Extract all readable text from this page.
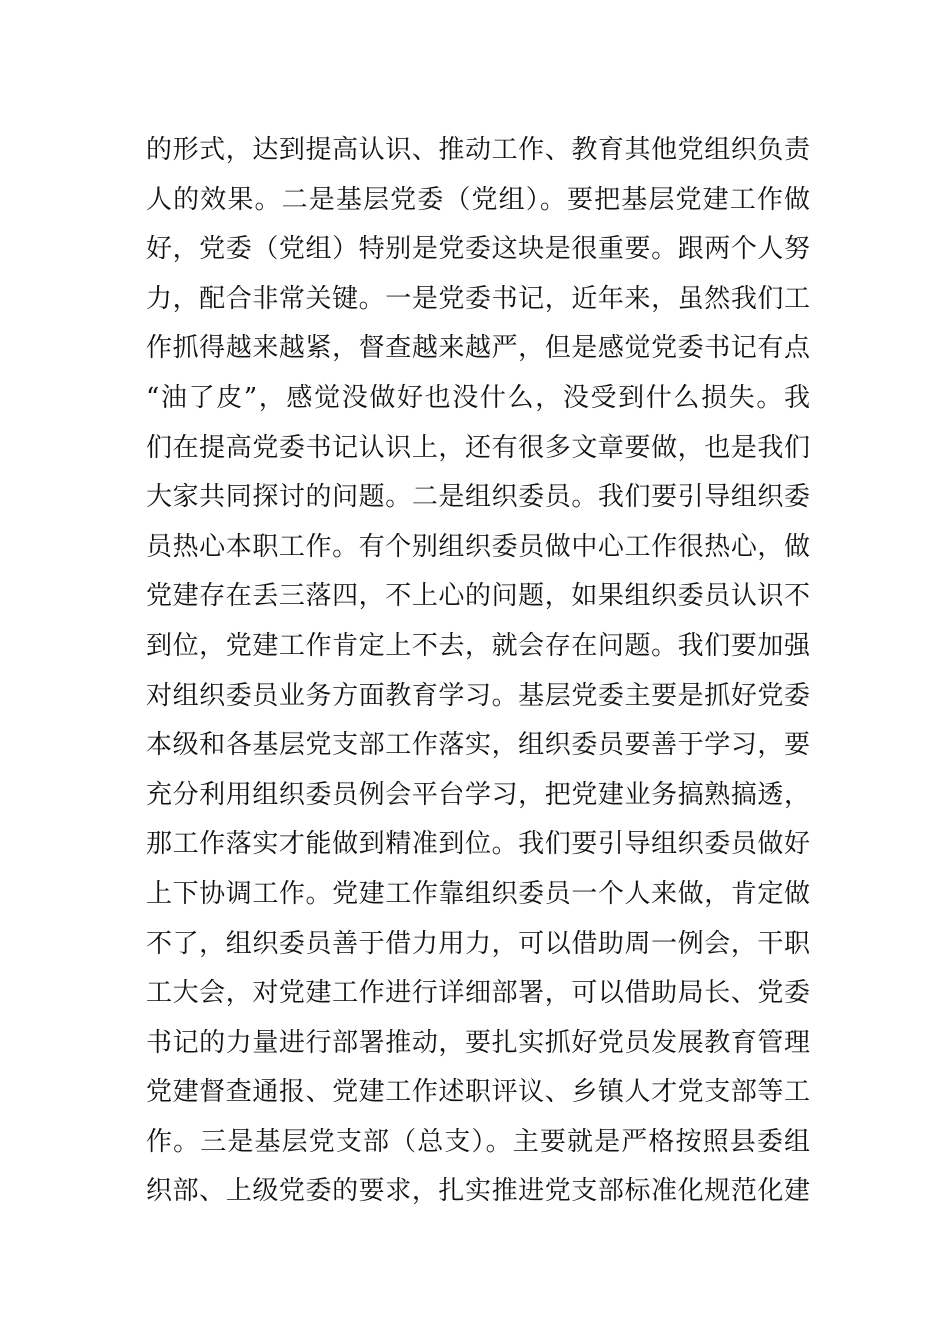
的形式，达到提高认识、推动工作、教育其他党组织负责
人的效果。二是基层党委（党组）。要把基层党建工作做
好，党委（党组）特别是党委这块是很重要。跟两个人努
力，配合非常关键。一是党委书记，近年来，虽然我们工
作抓得越来越紧，督查越来越严，但是感觉党委书记有点
“油了皮”，感觉没做好也没什么，没受到什么损失。我
们在提高党委书记认识上，还有很多文章要做，也是我们
大家共同探讨的问题。二是组织委员。我们要引导组织委
员热心本职工作。有个别组织委员做中心工作很热心，做
党建存在丢三落四，不上心的问题，如果组织委员认识不
到位，党建工作肯定上不去，就会存在问题。我们要加强
对组织委员业务方面教育学习。基层党委主要是抓好党委
本级和各基层党支部工作落实，组织委员要善于学习，要
充分利用组织委员例会平台学习，把党建业务搞熟搞透，
那工作落实才能做到精准到位。我们要引导组织委员做好
上下协调工作。党建工作靠组织委员一个人来做，肯定做
不了，组织委员善于借力用力，可以借助周一例会，干职
工大会，对党建工作进行详细部署，可以借助局长、党委
书记的力量进行部署推动，要扎实抓好党员发展教育管理
党建督查通报、党建工作述职评议、乡镇人才党支部等工
作。三是基层党支部（总支）。主要就是严格按照县委组
织部、上级党委的要求，扎实推进党支部标准化规范化建
